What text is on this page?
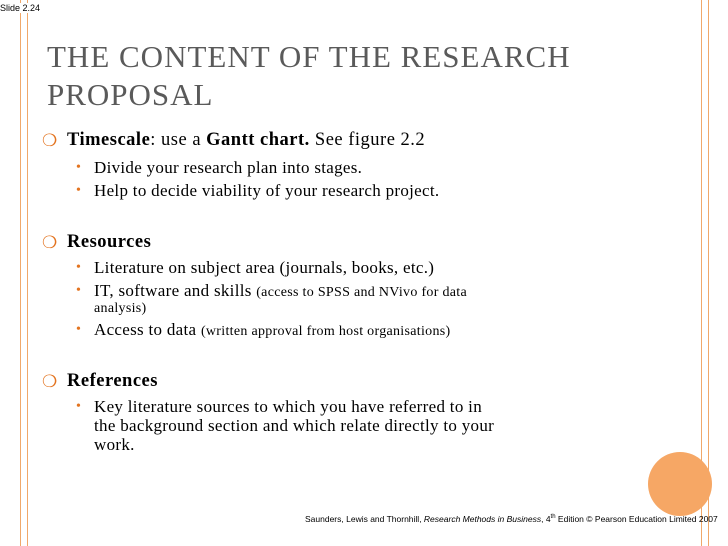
Slide 2.24
THE CONTENT OF THE RESEARCH
PROPOSAL
❍ Timescale: use a Gantt chart. See figure 2.2
• Divide your research plan into stages.
• Help to decide viability of your research project.
❍ Resources
• Literature on subject area (journals, books, etc.)
• IT, software and skills (access to SPSS and NVivo for data
analysis)
• Access to data (written approval from host organisations)
❍ References
• Key literature sources to which you have referred to in
the background section and which relate directly to your
work.
Saunders, Lewis and Thornhill, Research Methods in Business, 4th Edition © Pearson Education Limited 2007
